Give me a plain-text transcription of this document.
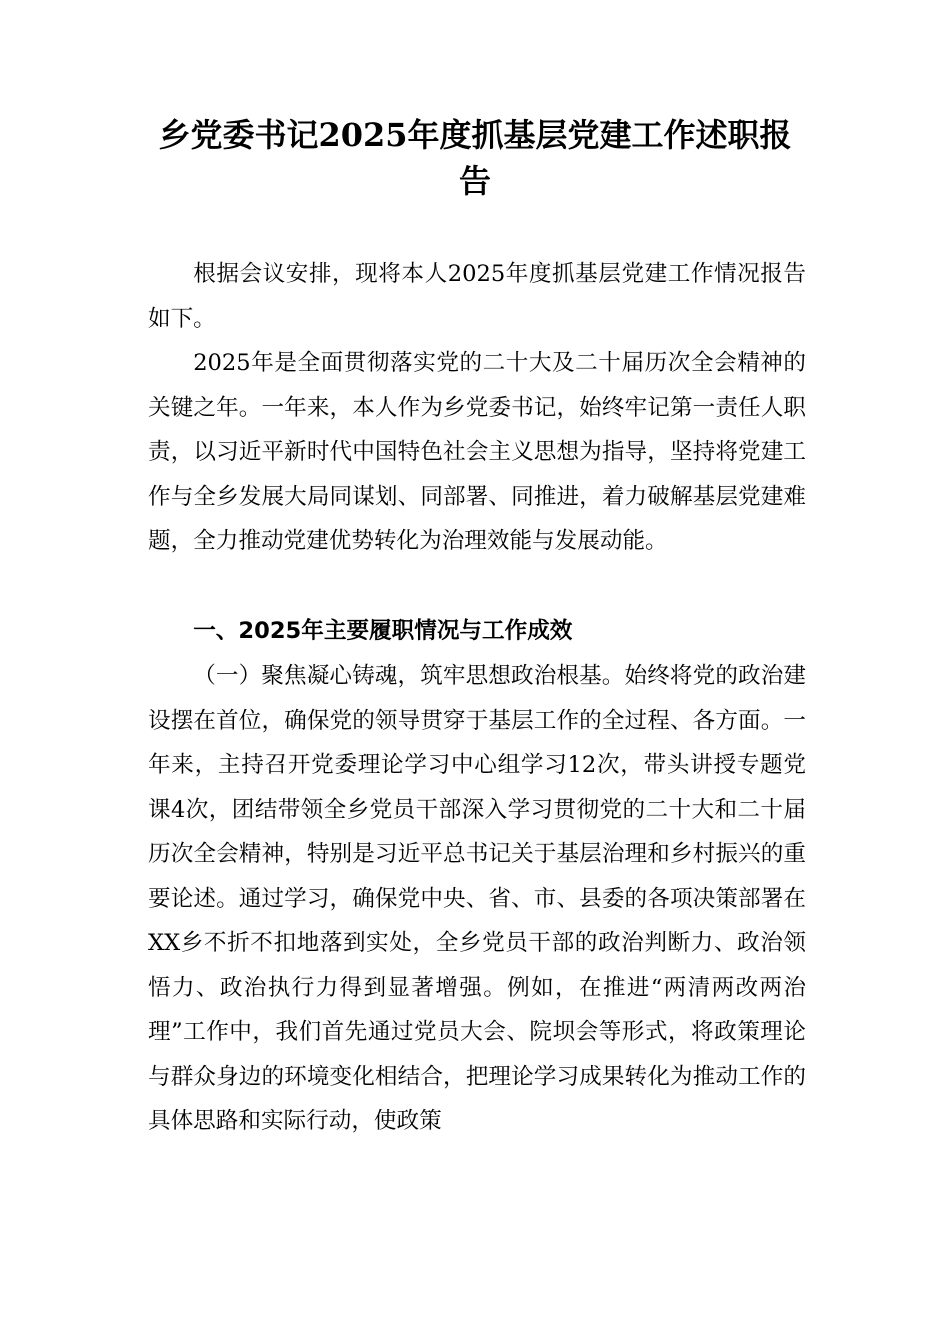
乡党委书记2025年度抓基层党建工作述职报告

根据会议安排，现将本人2025年度抓基层党建工作情况报告如下。

2025年是全面贯彻落实党的二十大及二十届历次全会精神的关键之年。一年来，本人作为乡党委书记，始终牢记第一责任人职责，以习近平新时代中国特色社会主义思想为指导，坚持将党建工作与全乡发展大局同谋划、同部署、同推进，着力破解基层党建难题，全力推动党建优势转化为治理效能与发展动能。

一、2025年主要履职情况与工作成效

（一）聚焦凝心铸魂，筑牢思想政治根基。始终将党的政治建设摆在首位，确保党的领导贯穿于基层工作的全过程、各方面。一年来，主持召开党委理论学习中心组学习12次，带头讲授专题党课4次，团结带领全乡党员干部深入学习贯彻党的二十大和二十届历次全会精神，特别是习近平总书记关于基层治理和乡村振兴的重要论述。通过学习，确保党中央、省、市、县委的各项决策部署在XX乡不折不扣地落到实处，全乡党员干部的政治判断力、政治领悟力、政治执行力得到显著增强。例如，在推进“两清两改两治理”工作中，我们首先通过党员大会、院坝会等形式，将政策理论与群众身边的环境变化相结合，把理论学习成果转化为推动工作的具体思路和实际行动，使政策
